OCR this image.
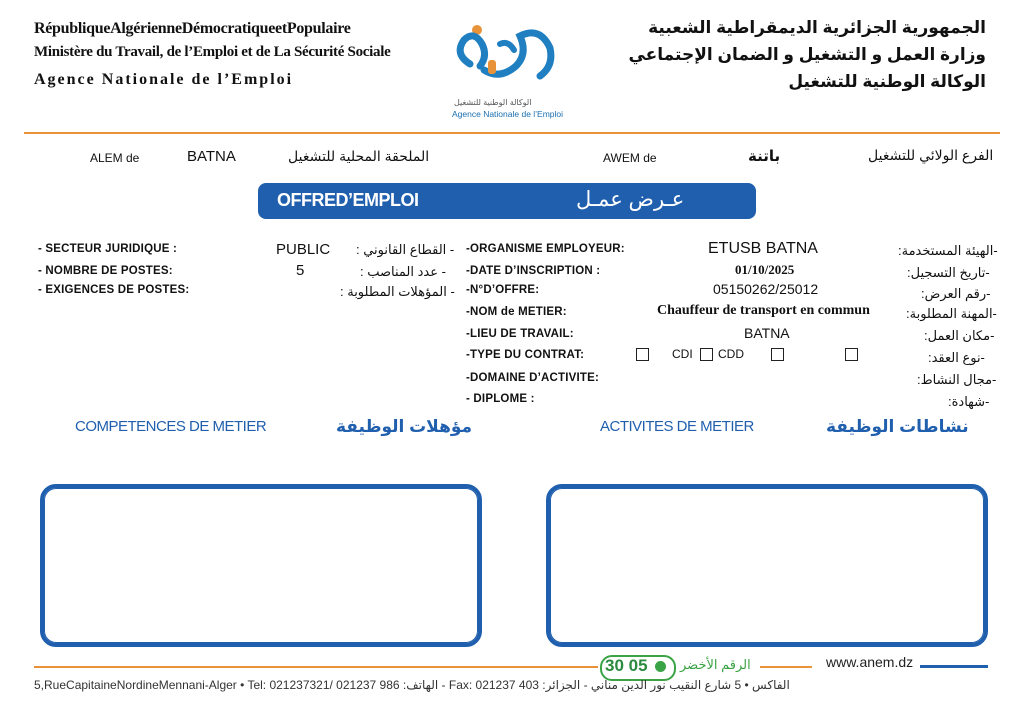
RépubliqueAlgérienneDémocratiqueetPopulaire
Ministère du Travail, de l’Emploi et de La Sécurité Sociale
Agence Nationale de l’Emploi
الجمهورية الجزائرية الديمقراطية الشعبية
وزارة العمل و التشغيل و الضمان الإجتماعي
الوكالة الوطنية للتشغيل
الوكالة الوطنية للتشغيل
Agence Nationale de l’Emploi
ALEM de	BATNA	الملحقة المحلية للتشغيل	AWEM de	باتنة	الفرع الولائي للتشغيل
OFFRED’EMPLOI	عـرض عمـل
- SECTEUR JURIDIQUE :	PUBLIC - القطاع القانوني :
- NOMBRE DE POSTES:	5	- عدد المناصب :
- EXIGENCES DE POSTES:	- المؤهلات المطلوبة :
-ORGANISME EMPLOYEUR:	ETUSB BATNA	-الهيئة المستخدمة:
-DATE D’INSCRIPTION :	01/10/2025	-تاريخ التسجيل:
-N°D’OFFRE:	05150262/25012	-رقم العرض:
-NOM de METIER:	Chauffeur de transport en commun	-المهنة المطلوبة:
-LIEU DE TRAVAIL:	BATNA	-مكان العمل:
-TYPE DU CONTRAT:	CDI CDD	-نوع العقد:
-DOMAINE D’ACTIVITE:	-مجال النشاط:
- DIPLOME :	-شهادة:
COMPETENCES DE METIER	مؤهلات الوظيفة	ACTIVITES DE METIER	نشاطات الوظيفة
30 05 الرقم الأخضر	www.anem.dz
5,RueCapitaineNordineMennani-Alger • Tel: 021237321/ 021237 986 :الهاتف - Fax: 021237 403 :الفاكس • 5 شارع النقيب نور الدين مناني - الجزائر
